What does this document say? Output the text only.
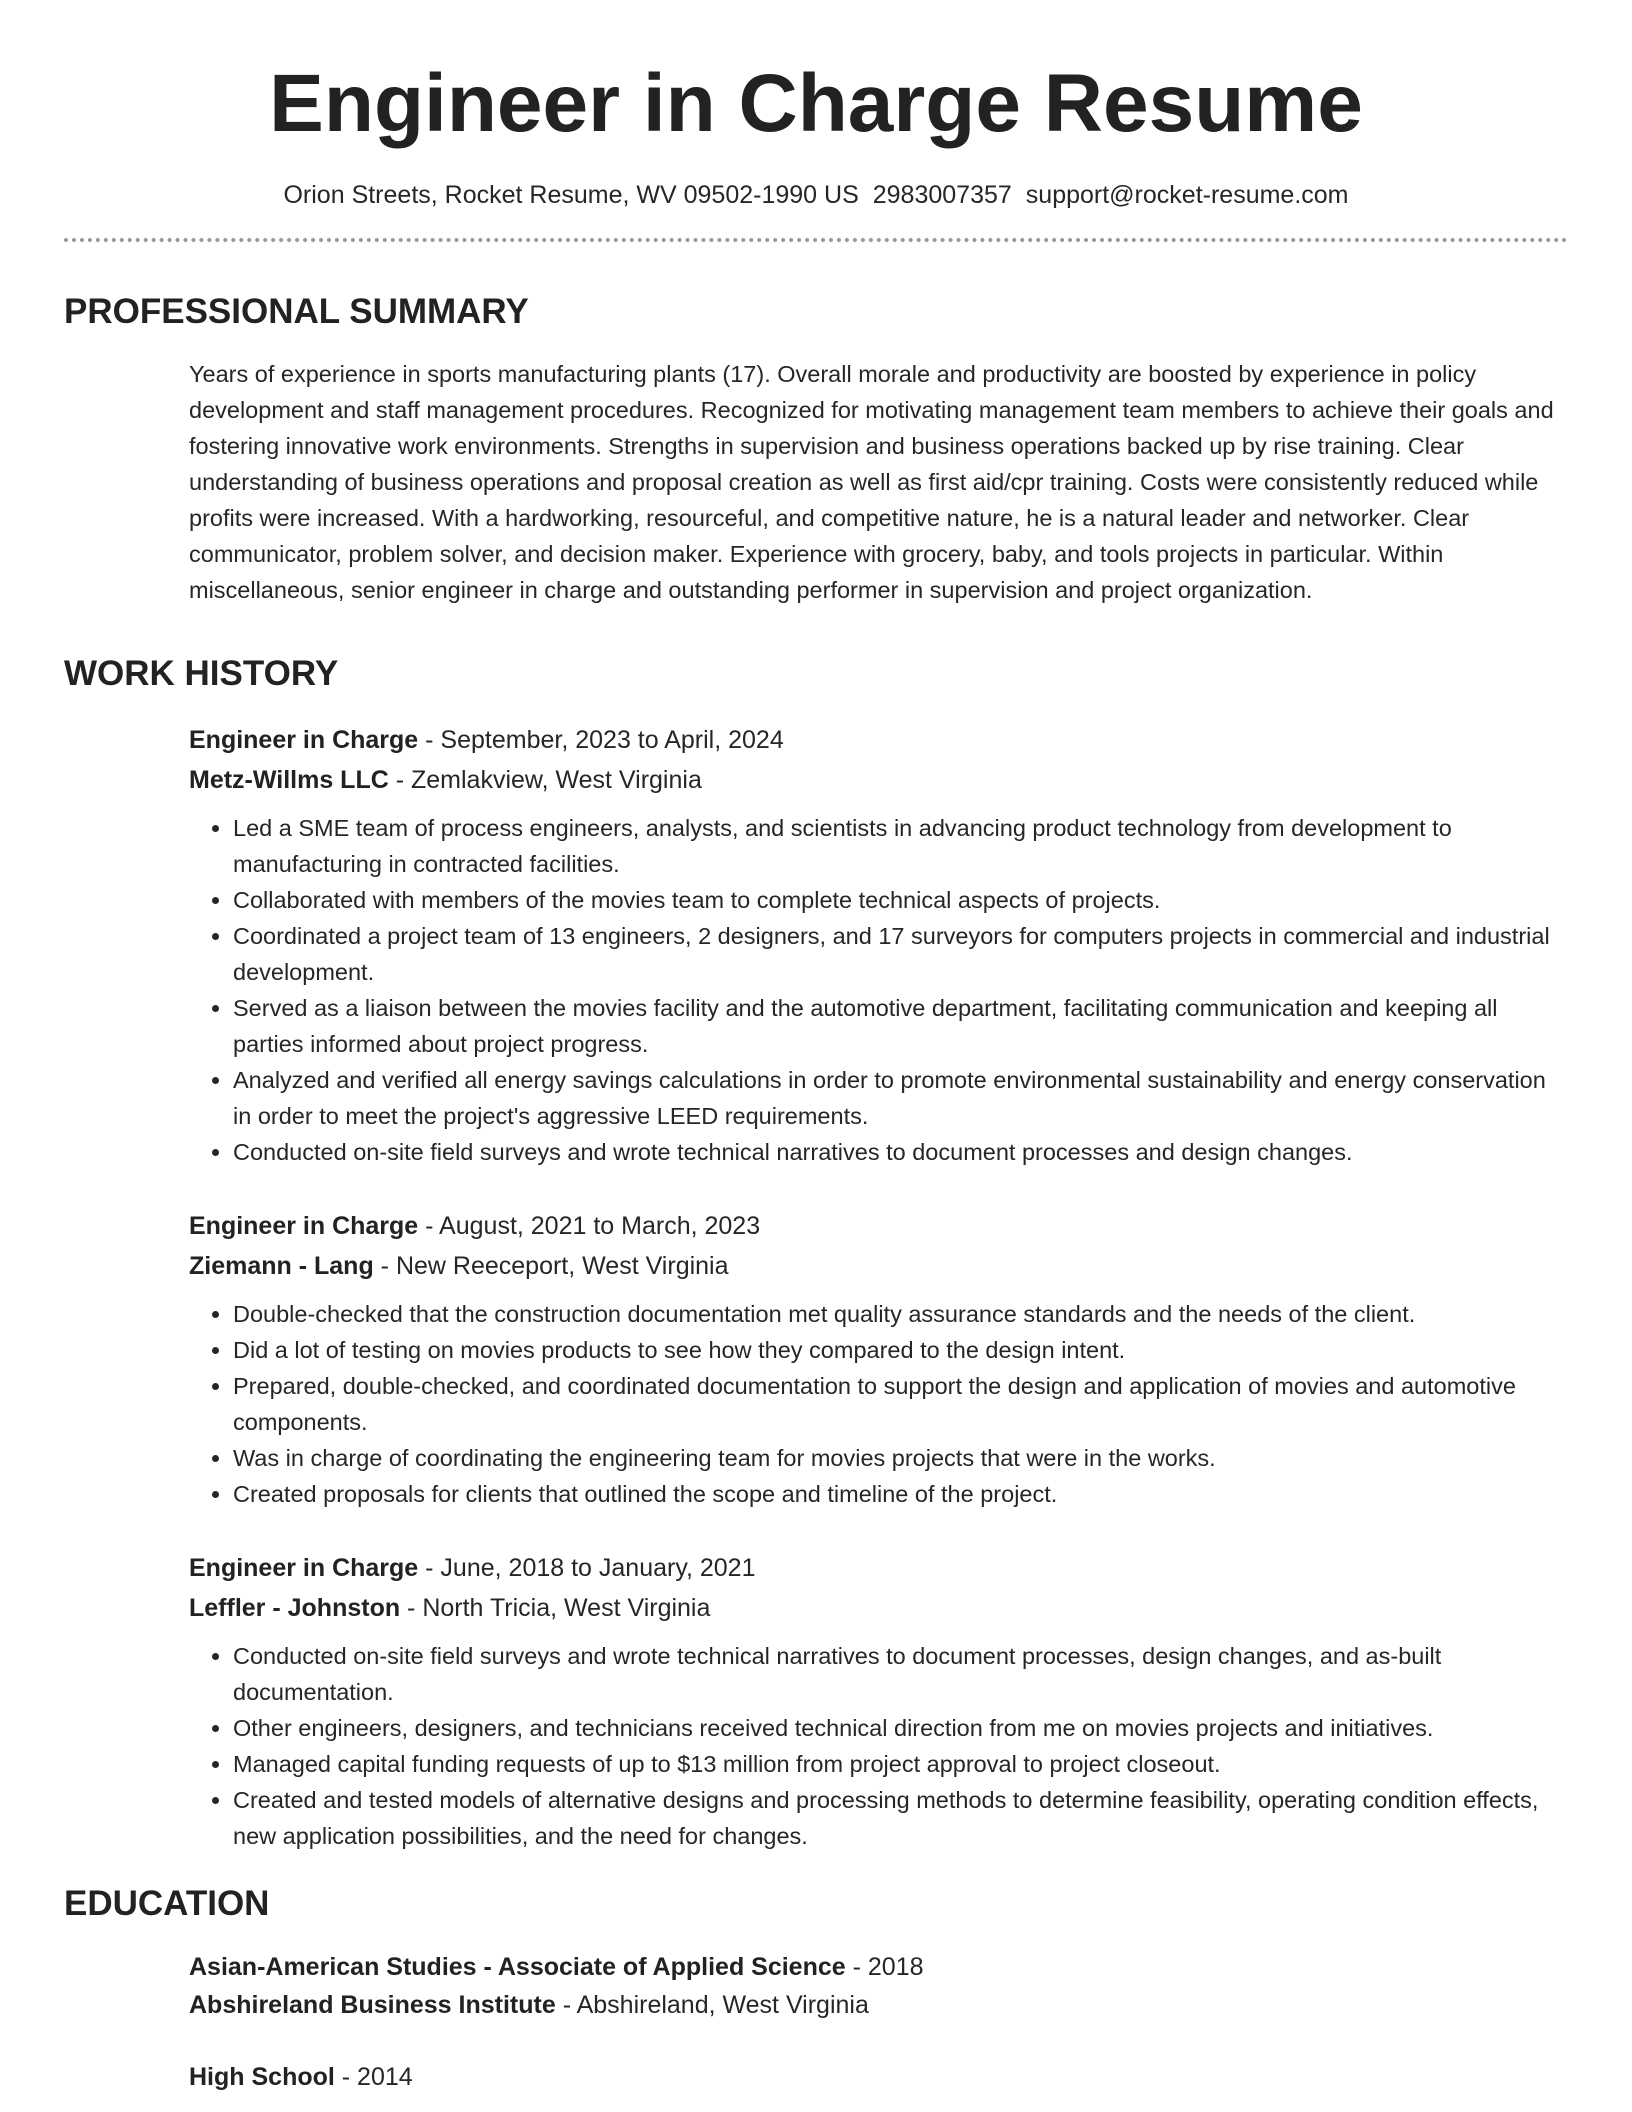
Engineer in Charge Resume
Orion Streets, Rocket Resume, WV 09502-1990 US 2983007357 support@rocket-resume.com
PROFESSIONAL SUMMARY

Years of experience in sports manufacturing plants (17). Overall morale and productivity are boosted by experience in policy development and staff management procedures. Recognized for motivating management team members to achieve their goals and fostering innovative work environments. Strengths in supervision and business operations backed up by rise training. Clear understanding of business operations and proposal creation as well as first aid/cpr training. Costs were consistently reduced while profits were increased. With a hardworking, resourceful, and competitive nature, he is a natural leader and networker. Clear communicator, problem solver, and decision maker. Experience with grocery, baby, and tools projects in particular. Within miscellaneous, senior engineer in charge and outstanding performer in supervision and project organization.

WORK HISTORY
Engineer in Charge - September, 2023 to April, 2024
Metz-Willms LLC - Zemlakview, West Virginia
• Led a SME team of process engineers, analysts, and scientists in advancing product technology from development to manufacturing in contracted facilities.
• Collaborated with members of the movies team to complete technical aspects of projects.
• Coordinated a project team of 13 engineers, 2 designers, and 17 surveyors for computers projects in commercial and industrial development.
• Served as a liaison between the movies facility and the automotive department, facilitating communication and keeping all parties informed about project progress.
• Analyzed and verified all energy savings calculations in order to promote environmental sustainability and energy conservation in order to meet the project's aggressive LEED requirements.
• Conducted on-site field surveys and wrote technical narratives to document processes and design changes.
Engineer in Charge - August, 2021 to March, 2023
Ziemann - Lang - New Reeceport, West Virginia
• Double-checked that the construction documentation met quality assurance standards and the needs of the client.
• Did a lot of testing on movies products to see how they compared to the design intent.
• Prepared, double-checked, and coordinated documentation to support the design and application of movies and automotive components.
• Was in charge of coordinating the engineering team for movies projects that were in the works.
• Created proposals for clients that outlined the scope and timeline of the project.
Engineer in Charge - June, 2018 to January, 2021
Leffler - Johnston - North Tricia, West Virginia
• Conducted on-site field surveys and wrote technical narratives to document processes, design changes, and as-built documentation.
• Other engineers, designers, and technicians received technical direction from me on movies projects and initiatives.
• Managed capital funding requests of up to $13 million from project approval to project closeout.
• Created and tested models of alternative designs and processing methods to determine feasibility, operating condition effects, new application possibilities, and the need for changes.
EDUCATION
Asian-American Studies - Associate of Applied Science - 2018
Abshireland Business Institute - Abshireland, West Virginia
High School - 2014
